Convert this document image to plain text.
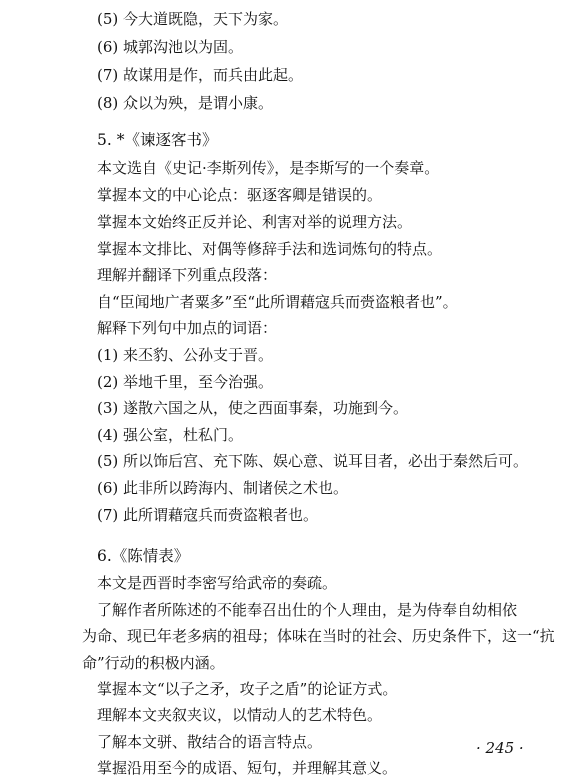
(5) 今大道既隐，天下为家。
(6) 城郭沟池以为固。
(7) 故谋用是作，而兵由此起。
(8) 众以为殃，是谓小康。
5. *《谏逐客书》
本文选自《史记·李斯列传》，是李斯写的一个奏章。
掌握本文的中心论点：驱逐客卿是错误的。
掌握本文始终正反并论、利害对举的说理方法。
掌握本文排比、对偶等修辞手法和选词炼句的特点。
理解并翻译下列重点段落：
自“臣闻地广者粟多”至“此所谓藉寇兵而赍盗粮者也”。
解释下列句中加点的词语：
(1) 来丕豹、公孙支于晋。
(2) 举地千里，至今治强。
(3) 遂散六国之从，使之西面事秦，功施到今。
(4) 强公室，杜私门。
(5) 所以饰后宫、充下陈、娱心意、说耳目者，必出于秦然后可。
(6) 此非所以跨海内、制诸侯之术也。
(7) 此所谓藉寇兵而赍盗粮者也。
6.《陈情表》
本文是西晋时李密写给武帝的奏疏。
了解作者所陈述的不能奉召出仕的个人理由，是为侍奉自幼相依
为命、现已年老多病的祖母；体味在当时的社会、历史条件下，这一“抗
命”行动的积极内涵。
掌握本文“以子之矛，攻子之盾”的论证方式。
理解本文夹叙夹议，以情动人的艺术特色。
了解本文骈、散结合的语言特点。
掌握沿用至今的成语、短句，并理解其意义。
· 245 ·
